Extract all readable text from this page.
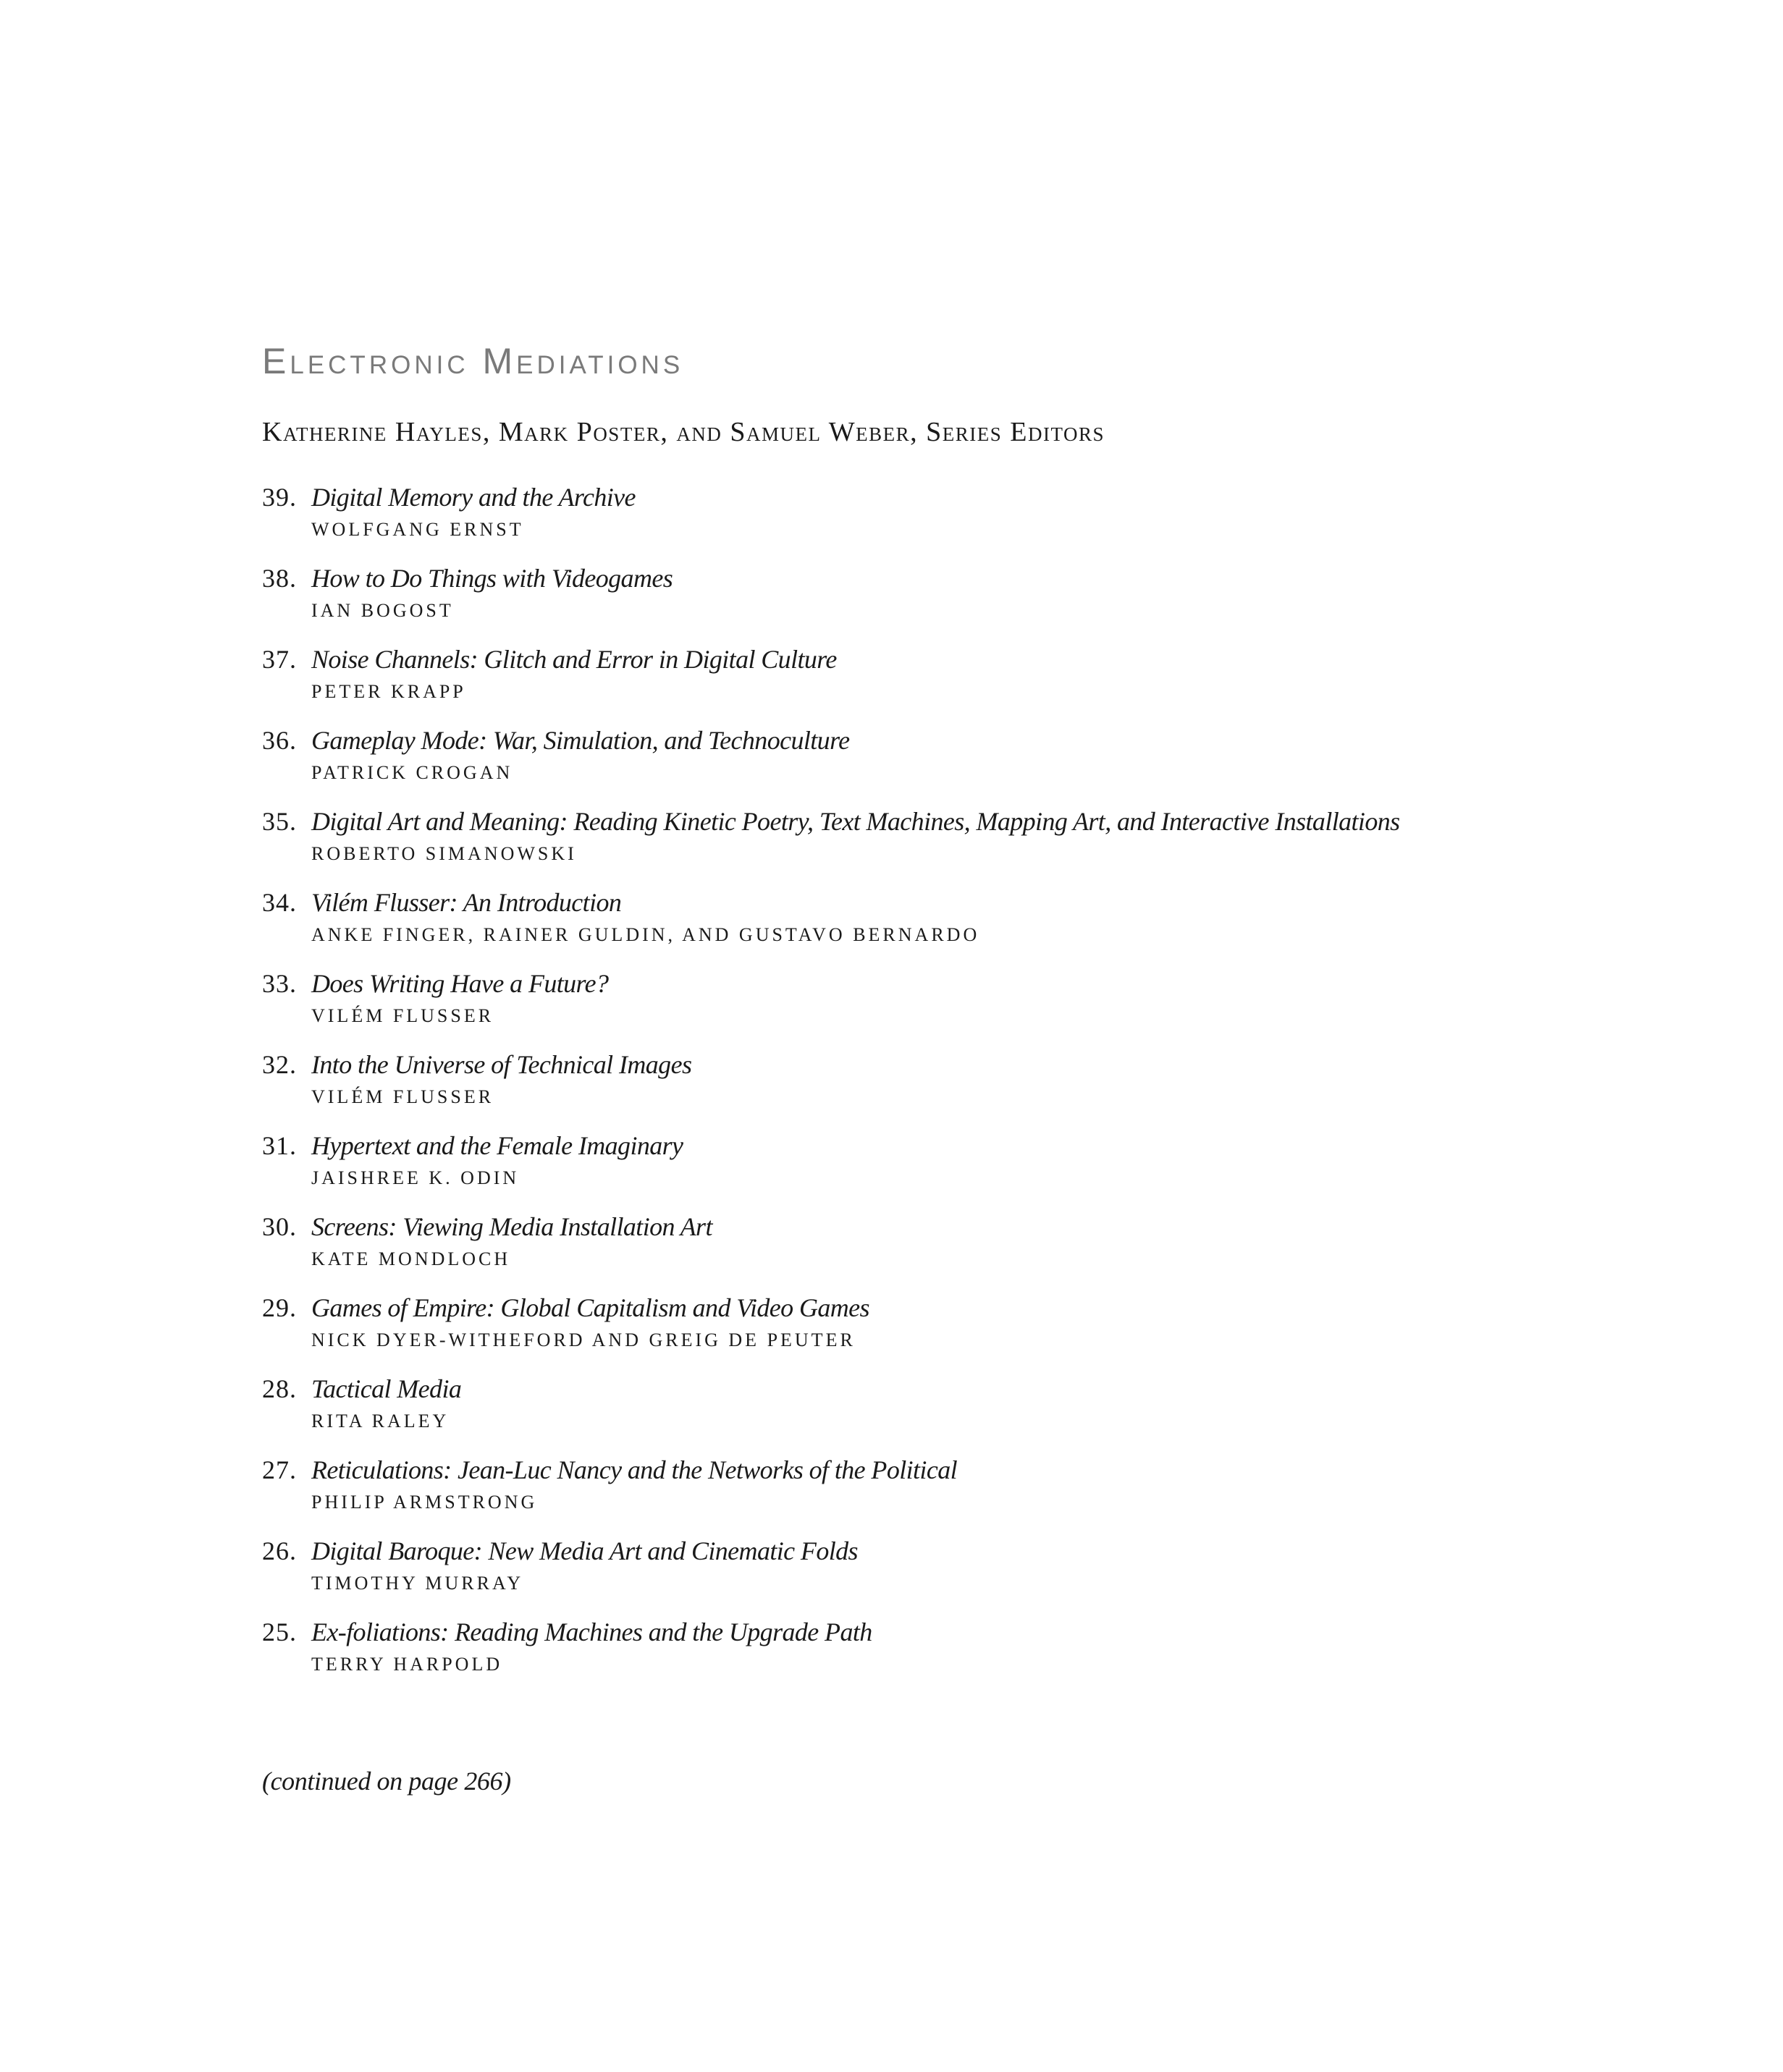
Electronic Mediations
Katherine Hayles, Mark Poster, and Samuel Weber, Series Editors
39. Digital Memory and the Archive
WOLFGANG ERNST
38. How to Do Things with Videogames
IAN BOGOST
37. Noise Channels: Glitch and Error in Digital Culture
PETER KRAPP
36. Gameplay Mode: War, Simulation, and Technoculture
PATRICK CROGAN
35. Digital Art and Meaning: Reading Kinetic Poetry, Text Machines, Mapping Art, and Interactive Installations
ROBERTO SIMANOWSKI
34. Vilém Flusser: An Introduction
ANKE FINGER, RAINER GULDIN, AND GUSTAVO BERNARDO
33. Does Writing Have a Future?
VILÉM FLUSSER
32. Into the Universe of Technical Images
VILÉM FLUSSER
31. Hypertext and the Female Imaginary
JAISHREE K. ODIN
30. Screens: Viewing Media Installation Art
KATE MONDLOCH
29. Games of Empire: Global Capitalism and Video Games
NICK DYER-WITHEFORD AND GREIG DE PEUTER
28. Tactical Media
RITA RALEY
27. Reticulations: Jean-Luc Nancy and the Networks of the Political
PHILIP ARMSTRONG
26. Digital Baroque: New Media Art and Cinematic Folds
TIMOTHY MURRAY
25. Ex-foliations: Reading Machines and the Upgrade Path
TERRY HARPOLD
(continued on page 266)
